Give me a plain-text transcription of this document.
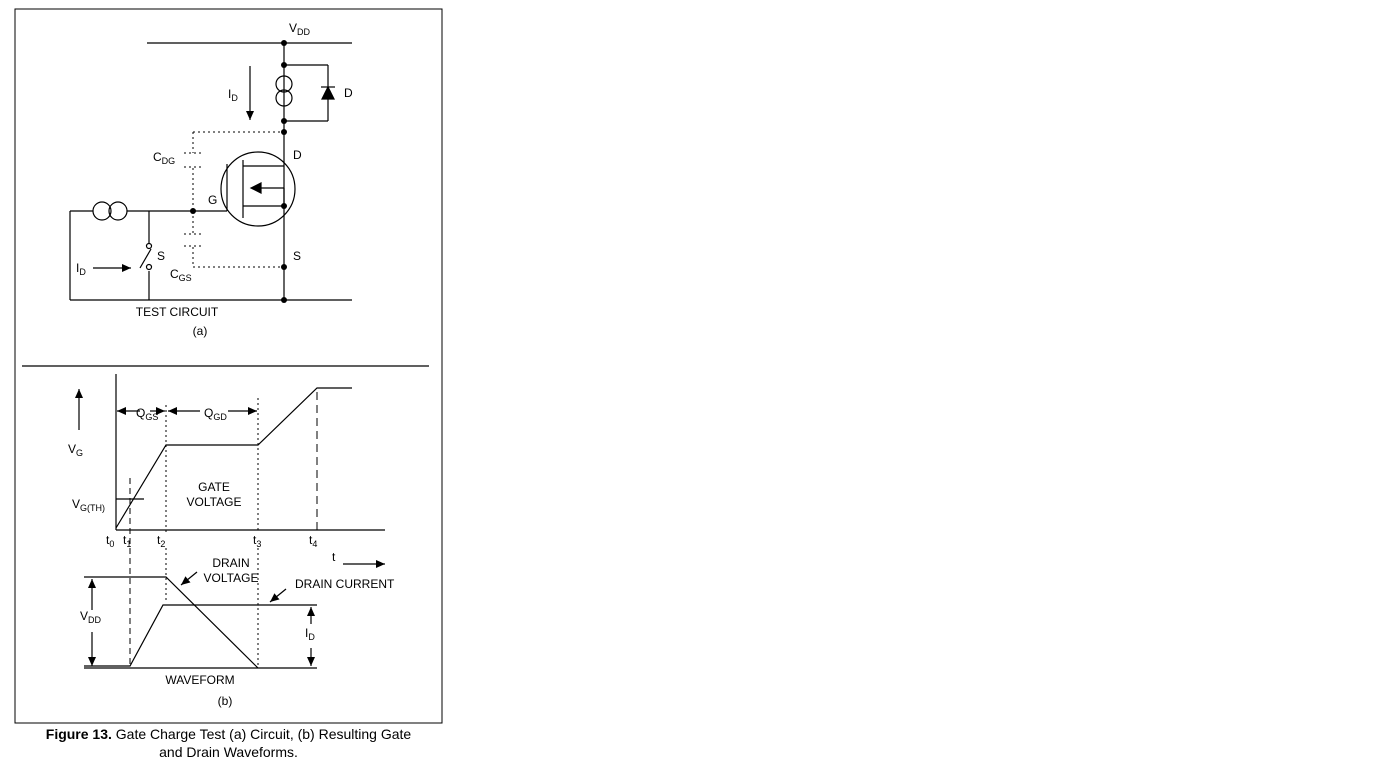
$V_{DD}$
$I_D$	D
D
$C_{DG}$
G
S
S
$I_D$	$C_{GS}$
TEST CIRCUIT
(a)
$V_G$
$V_{G(TH)}$
$Q_{GS}$	$Q_{GD}$
GATE
VOLTAGE
$t_0$ $t_1$ $t_2$	$t_3$	$t_4$
t
DRAIN
VOLTAGE	DRAIN CURRENT
$V_{DD}$
$I_D$
WAVEFORM
(b)
Figure 13. Gate Charge Test (a) Circuit, (b) Resulting Gate
and Drain Waveforms.
